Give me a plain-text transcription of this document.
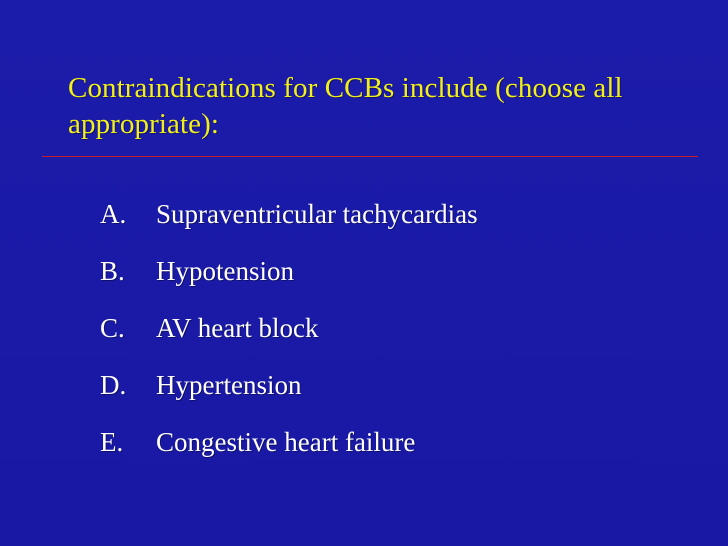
Contraindications for CCBs include (choose all appropriate):
A.	Supraventricular tachycardias
B.	Hypotension
C.	AV heart block
D.	Hypertension
E.	Congestive heart failure
